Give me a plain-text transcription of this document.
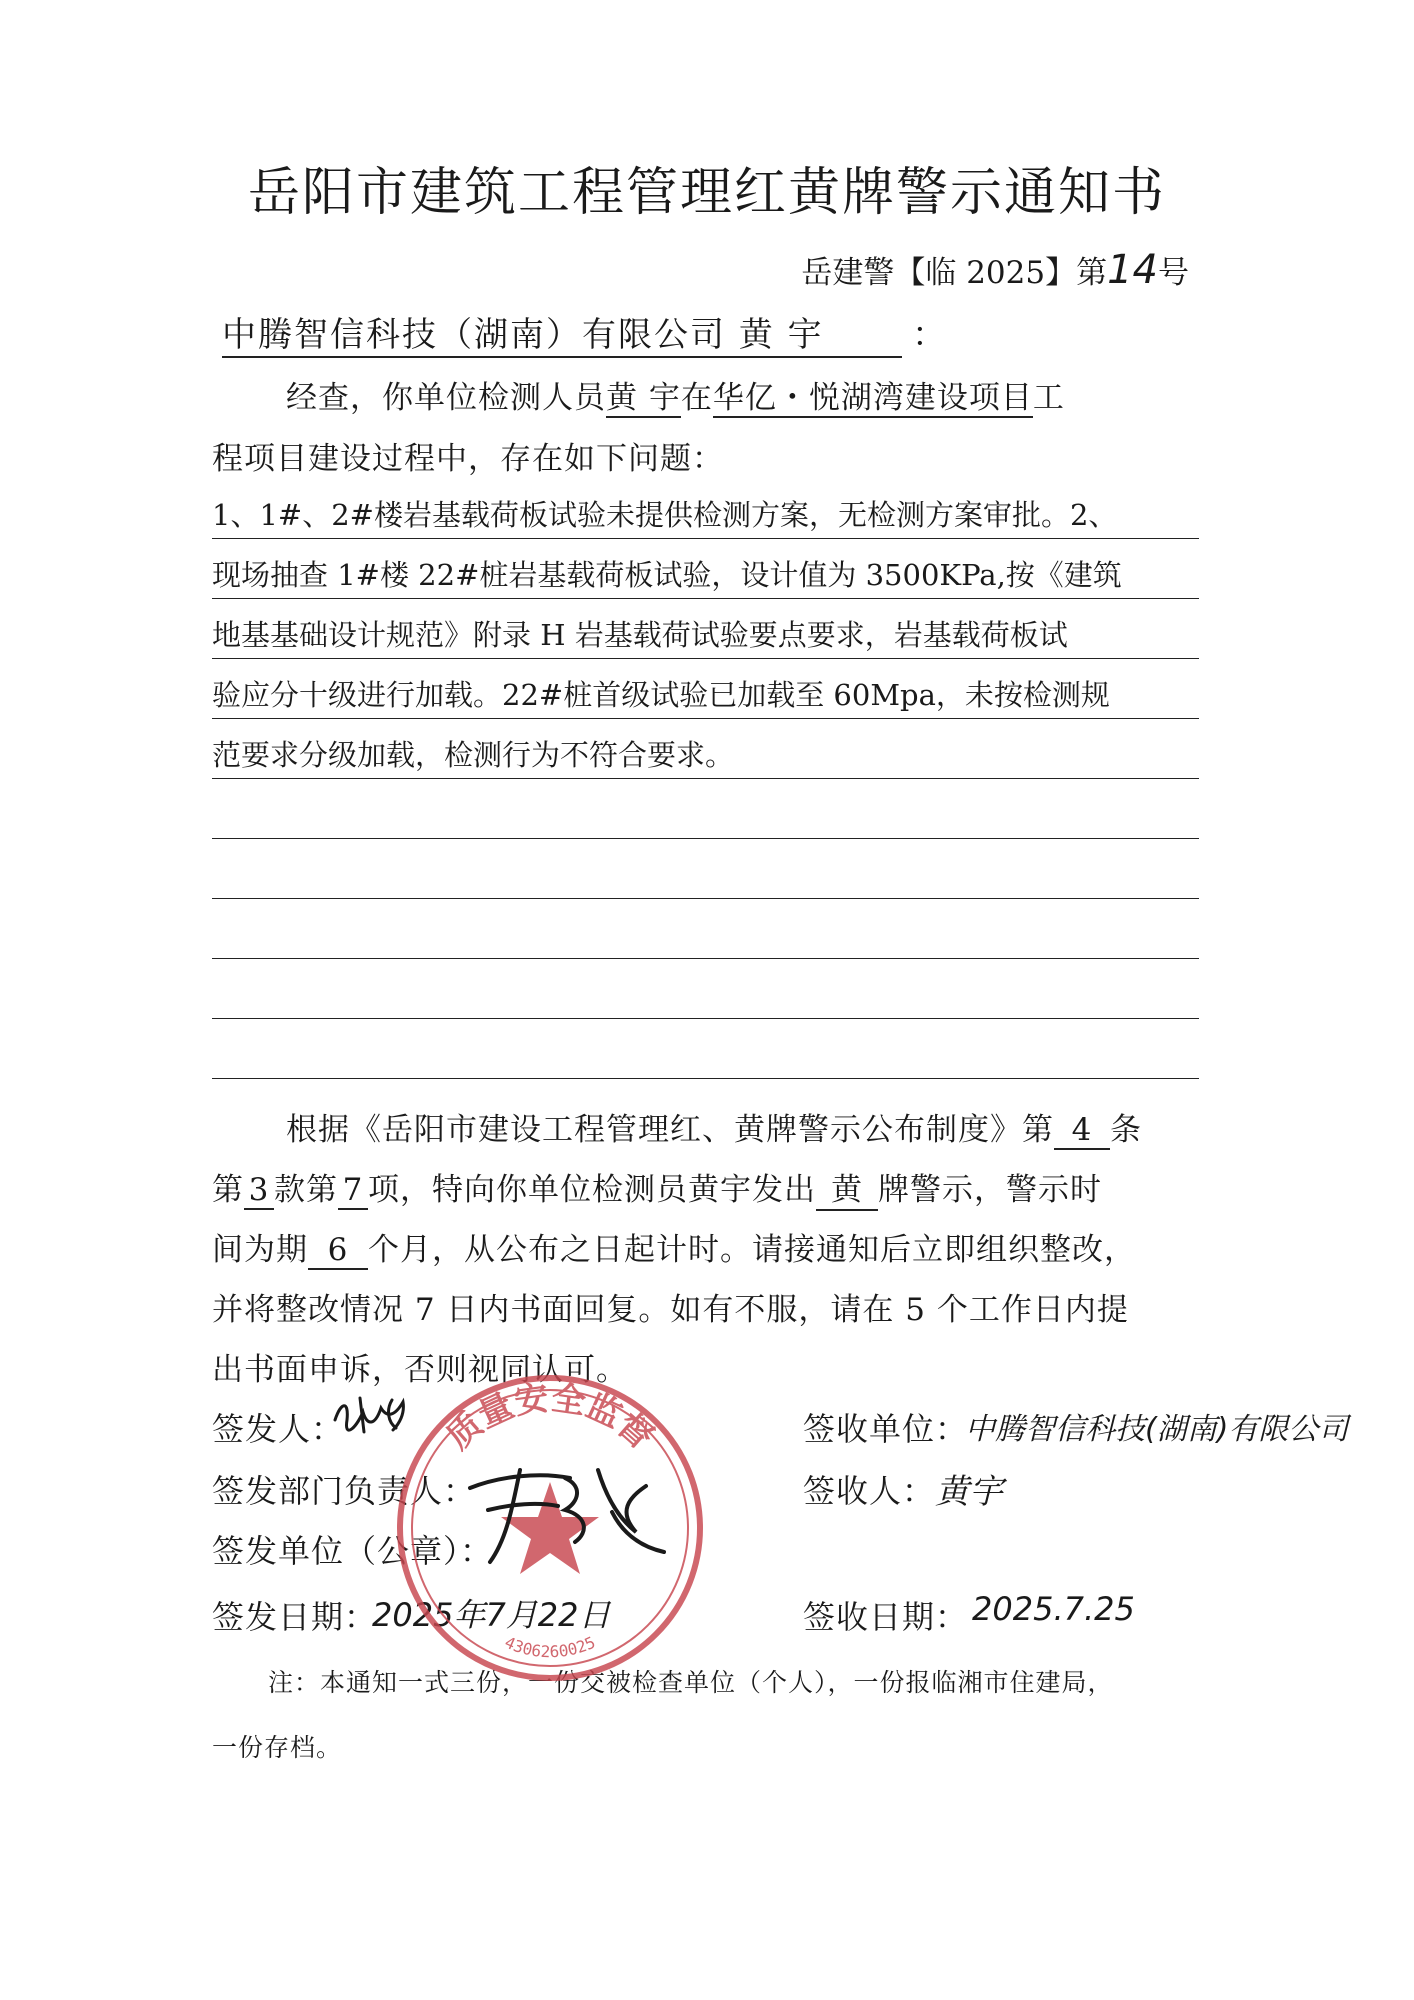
岳阳市建筑工程管理红黄牌警示通知书
岳建警【临 2025】第14号
中腾智信科技（湖南）有限公司 黄 宇	：
经查，你单位检测人员黄 宇在华亿・悦湖湾建设项目工
程项目建设过程中，存在如下问题：
1、1#、2#楼岩基载荷板试验未提供检测方案，无检测方案审批。2、
现场抽查 1#楼 22#桩岩基载荷板试验，设计值为 3500KPa,按《建筑
地基基础设计规范》附录 H 岩基载荷试验要点要求，岩基载荷板试
验应分十级进行加载。22#桩首级试验已加载至 60Mpa，未按检测规
范要求分级加载，检测行为不符合要求。
根据《岳阳市建设工程管理红、黄牌警示公布制度》第 4 条
第 3 款第 7 项，特向你单位检测员黄宇发出 黄 牌警示，警示时
间为期 6 个月，从公布之日起计时。请接通知后立即组织整改，
并将整改情况 7 日内书面回复。如有不服，请在 5 个工作日内提
出书面申诉，否则视同认可。
签发人：
签发部门负责人：
签发单位（公章）：
签发日期：
2025年7月22日
签收单位：
中腾智信科技(湖南)有限公司
签收人： 黄宇
签收日期： 2025.7.25
注：本通知一式三份，一份交被检查单位（个人），一份报临湘市住建局，
一份存档。
质量安全监督
4306260025
